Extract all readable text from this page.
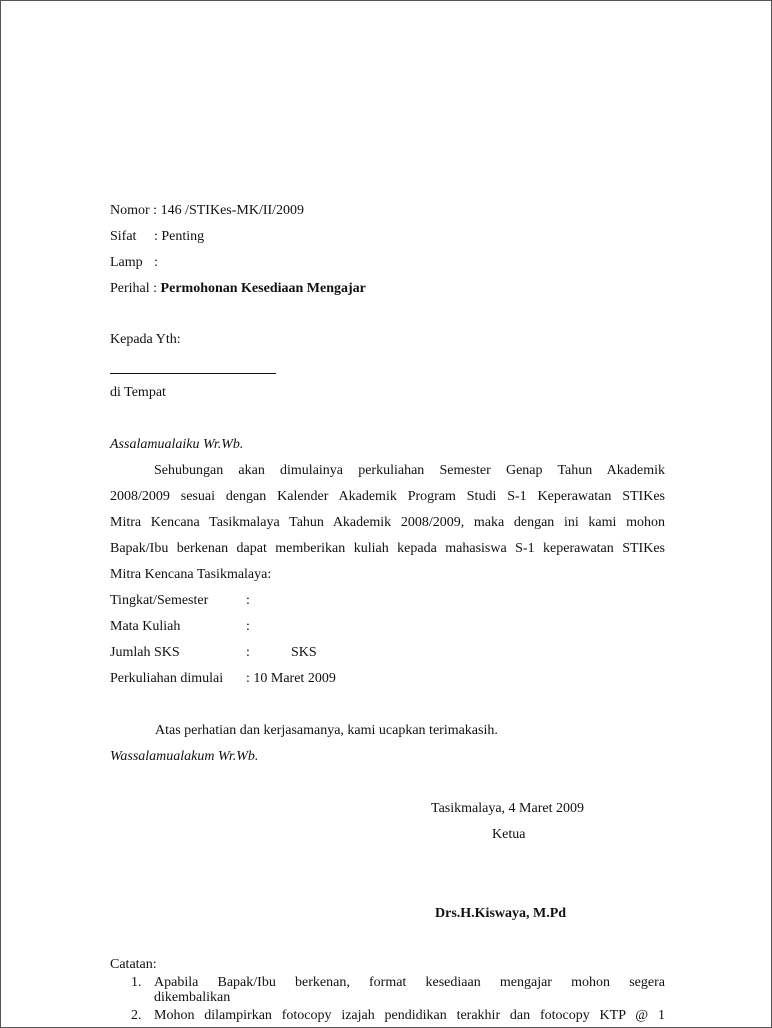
Nomor : 146 /STIKes-MK/II/2009
Sifat : Penting
Lamp :
Perihal : Permohonan Kesediaan Mengajar
Kepada Yth:
di Tempat
Assalamualaiku Wr.Wb.
Sehubungan akan dimulainya perkuliahan Semester Genap Tahun Akademik
2008/2009 sesuai dengan Kalender Akademik Program Studi S-1 Keperawatan STIKes
Mitra Kencana Tasikmalaya Tahun Akademik 2008/2009, maka dengan ini kami mohon
Bapak/Ibu berkenan dapat memberikan kuliah kepada mahasiswa S-1 keperawatan STIKes
Mitra Kencana Tasikmalaya:
Tingkat/Semester	:
Mata Kuliah	:
Jumlah SKS	:	SKS
Perkuliahan dimulai : 10 Maret 2009
Atas perhatian dan kerjasamanya, kami ucapkan terimakasih.
Wassalamualakum Wr.Wb.
Tasikmalaya, 4 Maret 2009
Ketua
Drs.H.Kiswaya, M.Pd
Catatan:
1. Apabila Bapak/Ibu berkenan, format kesediaan mengajar mohon segera
dikembalikan
2. Mohon dilampirkan fotocopy izajah pendidikan terakhir dan fotocopy KTP @ 1
